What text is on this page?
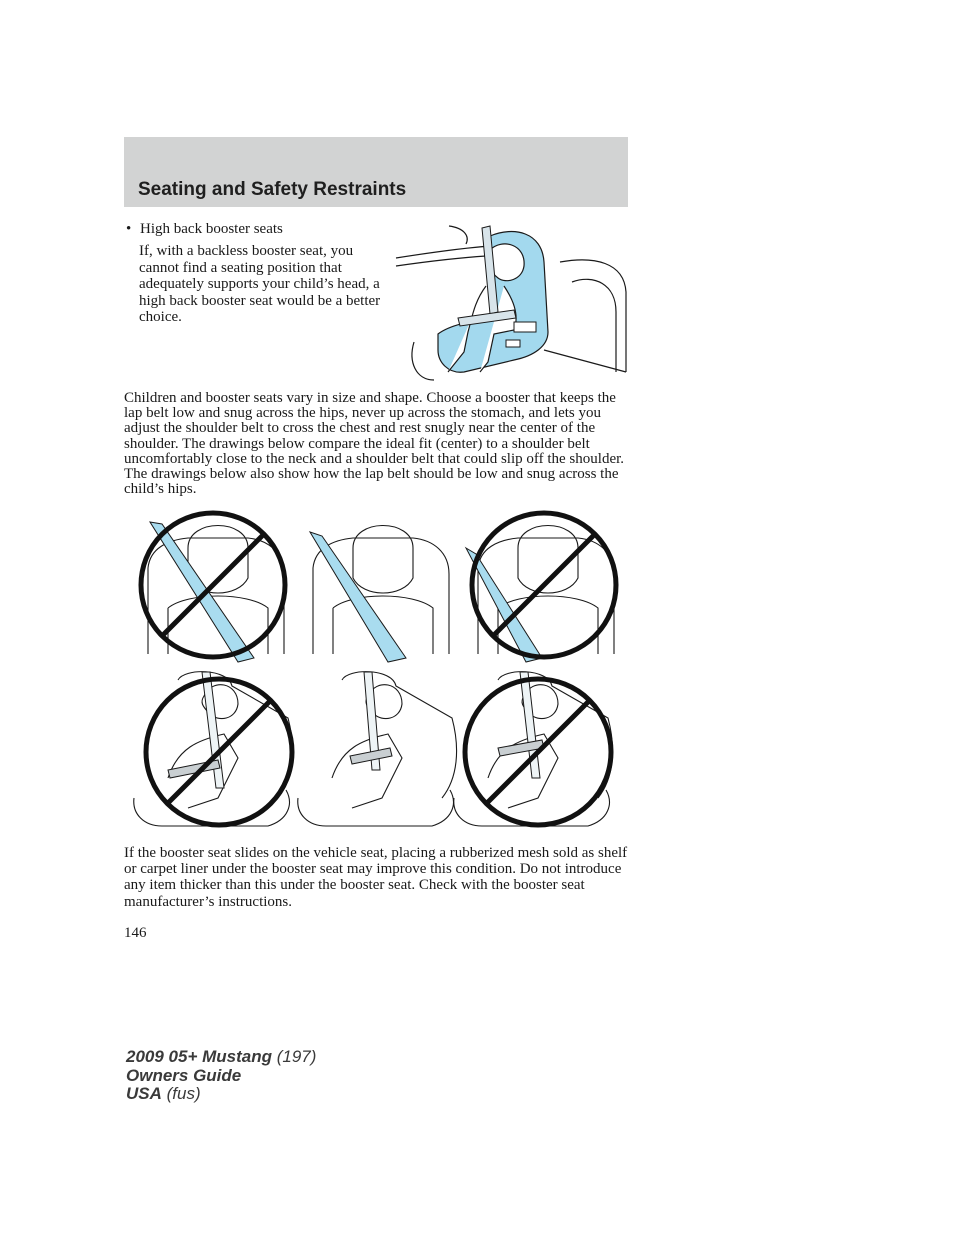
Seating and Safety Restraints
• High back booster seats
If, with a backless booster seat, you cannot find a seating position that adequately supports your child’s head, a high back booster seat would be a better choice.

Children and booster seats vary in size and shape. Choose a booster that keeps the lap belt low and snug across the hips, never up across the stomach, and lets you adjust the shoulder belt to cross the chest and rest snugly near the center of the shoulder. The drawings below compare the ideal fit (center) to a shoulder belt uncomfortably close to the neck and a shoulder belt that could slip off the shoulder. The drawings below also show how the lap belt should be low and snug across the child’s hips.

If the booster seat slides on the vehicle seat, placing a rubberized mesh sold as shelf or carpet liner under the booster seat may improve this condition. Do not introduce any item thicker than this under the booster seat. Check with the booster seat manufacturer’s instructions.

146
2009 05+ Mustang (197)
Owners Guide
USA (fus)
